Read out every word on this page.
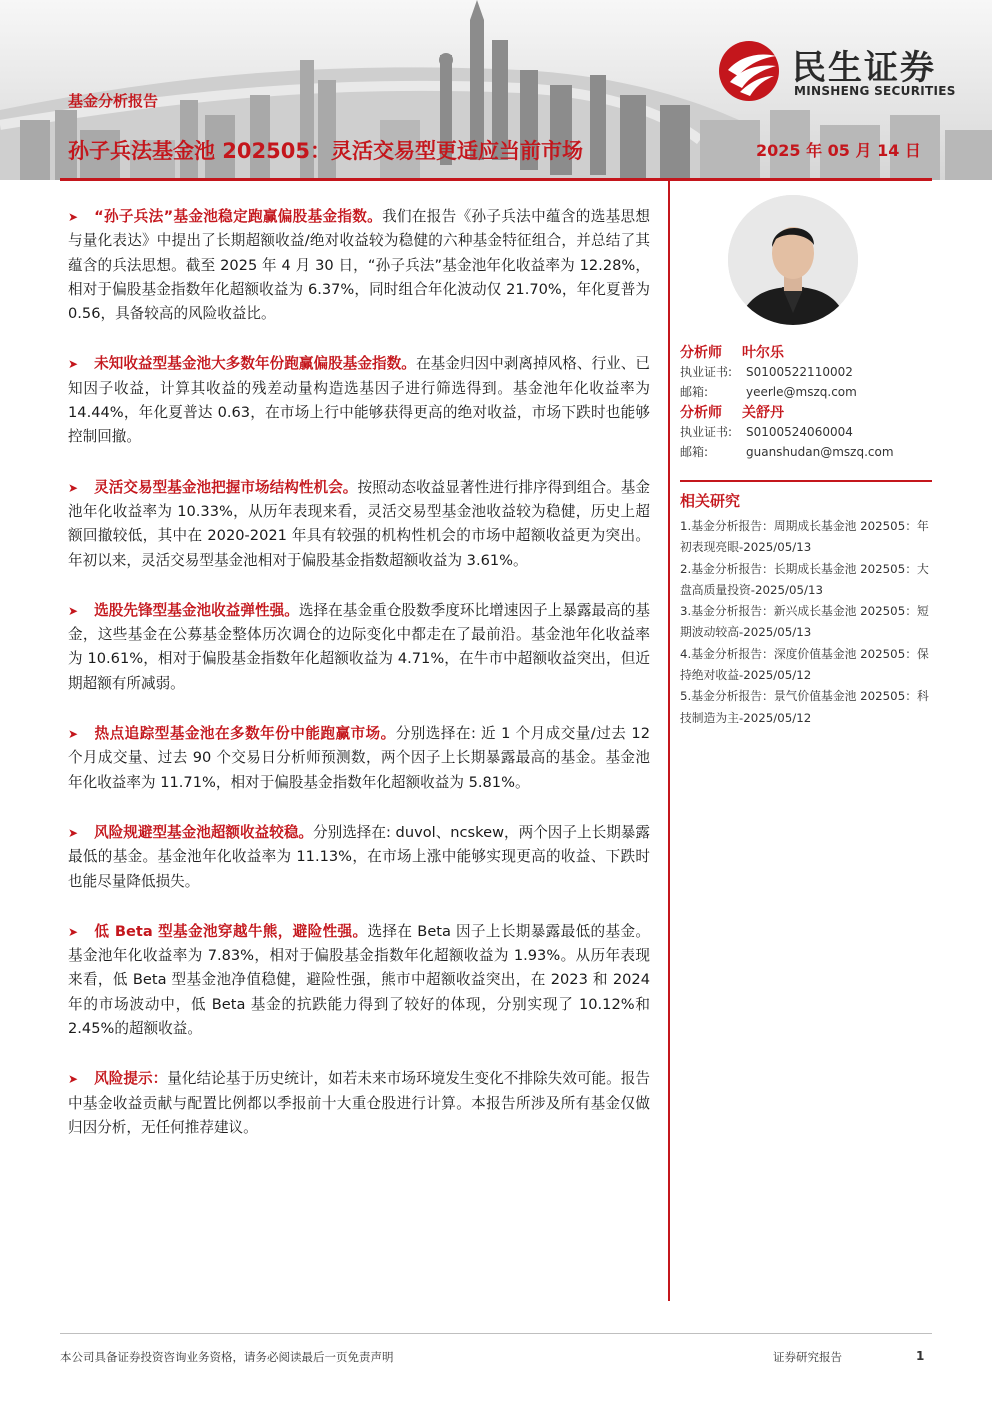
民生证券
MINSHENG SECURITIES
基金分析报告
孙子兵法基金池 202505：灵活交易型更适应当前市场	2025 年 05 月 14 日

➤ “孙子兵法”基金池稳定跑赢偏股基金指数。我们在报告《孙子兵法中蕴含的选基思想与量化表达》中提出了长期超额收益/绝对收益较为稳健的六种基金特征组合，并总结了其蕴含的兵法思想。截至 2025 年 4 月 30 日，“孙子兵法”基金池年化收益率为 12.28%，相对于偏股基金指数年化超额收益为 6.37%，同时组合年化波动仅 21.70%，年化夏普为 0.56，具备较高的风险收益比。

➤ 未知收益型基金池大多数年份跑赢偏股基金指数。在基金归因中剥离掉风格、行业、已知因子收益，计算其收益的残差动量构造选基因子进行筛选得到。基金池年化收益率为 14.44%，年化夏普达 0.63，在市场上行中能够获得更高的绝对收益，市场下跌时也能够控制回撤。

➤ 灵活交易型基金池把握市场结构性机会。按照动态收益显著性进行排序得到组合。基金池年化收益率为 10.33%，从历年表现来看，灵活交易型基金池收益较为稳健，历史上超额回撤较低，其中在 2020-2021 年具有较强的机构性机会的市场中超额收益更为突出。年初以来，灵活交易型基金池相对于偏股基金指数超额收益为 3.61%。

➤ 选股先锋型基金池收益弹性强。选择在基金重仓股数季度环比增速因子上暴露最高的基金，这些基金在公募基金整体历次调仓的边际变化中都走在了最前沿。基金池年化收益率为 10.61%，相对于偏股基金指数年化超额收益为 4.71%，在牛市中超额收益突出，但近期超额有所减弱。

➤ 热点追踪型基金池在多数年份中能跑赢市场。分别选择在: 近 1 个月成交量/过去 12 个月成交量、过去 90 个交易日分析师预测数，两个因子上长期暴露最高的基金。基金池年化收益率为 11.71%，相对于偏股基金指数年化超额收益为 5.81%。

➤ 风险规避型基金池超额收益较稳。分别选择在: duvol、ncskew，两个因子上长期暴露最低的基金。基金池年化收益率为 11.13%，在市场上涨中能够实现更高的收益、下跌时也能尽量降低损失。

➤ 低 Beta 型基金池穿越牛熊，避险性强。选择在 Beta 因子上长期暴露最低的基金。基金池年化收益率为 7.83%，相对于偏股基金指数年化超额收益为 1.93%。从历年表现来看，低 Beta 型基金池净值稳健，避险性强，熊市中超额收益突出，在 2023 和 2024 年的市场波动中，低 Beta 基金的抗跌能力得到了较好的体现，分别实现了 10.12%和 2.45%的超额收益。

➤ 风险提示：量化结论基于历史统计，如若未来市场环境发生变化不排除失效可能。报告中基金收益贡献与配置比例都以季报前十大重仓股进行计算。本报告所涉及所有基金仅做归因分析，无任何推荐建议。

分析师 叶尔乐
执业证书: S0100522110002
邮箱:	yeerle@mszq.com
分析师 关舒丹
执业证书: S0100524060004
邮箱:	guanshudan@mszq.com
相关研究
1.基金分析报告：周期成长基金池 202505：年初表现亮眼-2025/05/13
2.基金分析报告：长期成长基金池 202505：大盘高质量投资-2025/05/13
3.基金分析报告：新兴成长基金池 202505：短期波动较高-2025/05/13
4.基金分析报告：深度价值基金池 202505：保持绝对收益-2025/05/12
5.基金分析报告：景气价值基金池 202505：科技制造为主-2025/05/12
本公司具备证券投资咨询业务资格，请务必阅读最后一页免责声明	证券研究报告	1
